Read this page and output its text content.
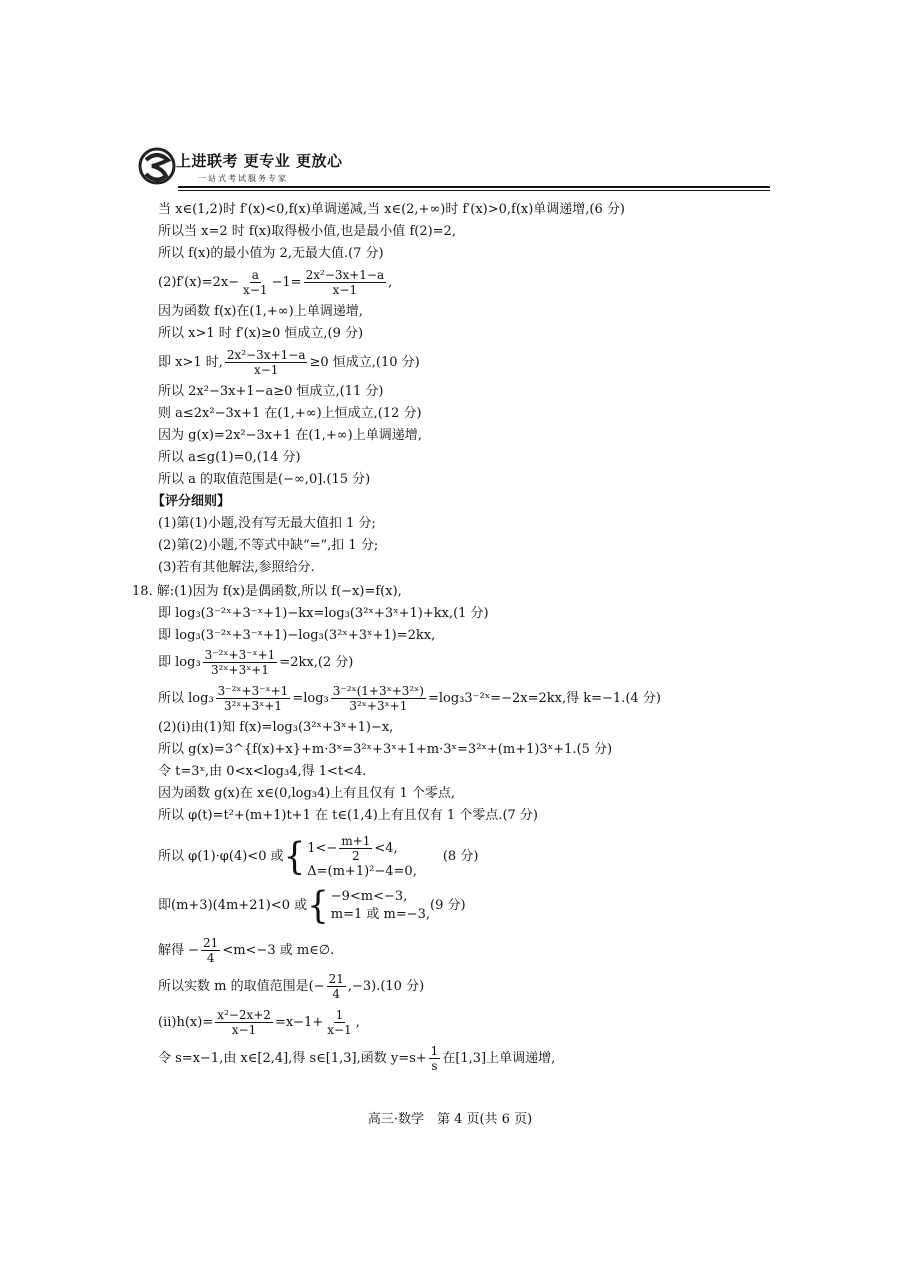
上进联考 更专业 更放心
一站式考试服务专家
当 x∈(1,2)时 f′(x)<0,f(x)单调递减,当 x∈(2,+∞)时 f′(x)>0,f(x)单调递增,(6 分)
所以当 x=2 时 f(x)取得极小值,也是最小值 f(2)=2,
所以 f(x)的最小值为 2,无最大值.(7 分)
$(2)f'(x)=2x- \frac{a}{x-1} -1= \frac{\text{2x²−3x+1−a}}{x-1}$ ,
因为函数 f(x)在(1,+∞)上单调递增,
所以 x>1 时 f′(x)≥0 恒成立,(9 分)
即 x>1 时, $\frac{\text{2x²−3x+1−a}}{x-1} \ge 0$ 恒成立,(10 分)
所以 2x²−3x+1−a≥0 恒成立,(11 分)
则 a≤2x²−3x+1 在(1,+∞)上恒成立,(12 分)
因为 g(x)=2x²−3x+1 在(1,+∞)上单调递增,
所以 a≤g(1)=0,(14 分)
所以 a 的取值范围是(−∞,0].(15 分)
【评分细则】
(1)第(1)小题,没有写无最大值扣 1 分;
(2)第(2)小题,不等式中缺“=”,扣 1 分;
(3)若有其他解法,参照给分.
18. 解:(1)因为 f(x)是偶函数,所以 f(−x)=f(x),
即 log₃(3⁻²ˣ+3⁻ˣ+1)−kx=log₃(3²ˣ+3ˣ+1)+kx,(1 分)
即 log₃(3⁻²ˣ+3⁻ˣ+1)−log₃(3²ˣ+3ˣ+1)=2kx,
即 $\log_3 \frac{\text{3⁻²ˣ+3⁻ˣ+1}}{\text{3²ˣ+3ˣ+1}} =2kx,(2$ 分)
所以 $\log_3 \frac{\text{3⁻²ˣ+3⁻ˣ+1}}{\text{3²ˣ+3ˣ+1}} =\log_3 \frac{\text{3⁻²ˣ(1+3ˣ+3²ˣ)}}{\text{3²ˣ+3ˣ+1}}$ =log₃3⁻²ˣ=−2x=2kx,得 k=−1.(4 分)
(2)(i)由(1)知 f(x)=log₃(3²ˣ+3ˣ+1)−x,
所以 g(x)=3^{f(x)+x}+m·3ˣ=3²ˣ+3ˣ+1+m·3ˣ=3²ˣ+(m+1)3ˣ+1.(5 分)
令 t=3ˣ,由 0<x<log₃4,得 1<t<4.
因为函数 g(x)在 x∈(0,log₃4)上有且仅有 1 个零点,
所以 φ(t)=t²+(m+1)t+1 在 t∈(1,4)上有且仅有 1 个零点.(7 分)
所以 φ(1)·φ(4)<0 或 { $1<- \frac{m+1}{2} <4$,
Δ=(m+1)²−4=0,
(8 分)
即(m+3)(4m+21)<0 或 { −9<m<−3,
m=1 或 m=−3,
(9 分)
解得 − $\frac{21}{4} <m<-3$ 或 m∈∅.
所以实数 m 的取值范围是(− $\frac{21}{4} ,-3).(10$ 分)
$(ii)h(x)= \frac{\text{x²−2x+2}}{x-1} =x-1+ \frac{1}{x-1}$ ,
令 s=x−1,由 x∈[2,4],得 s∈[1,3],函数 $y=s+ \frac{1}{s}$ 在[1,3]上单调递增,
高三·数学　第 4 页(共 6 页)
